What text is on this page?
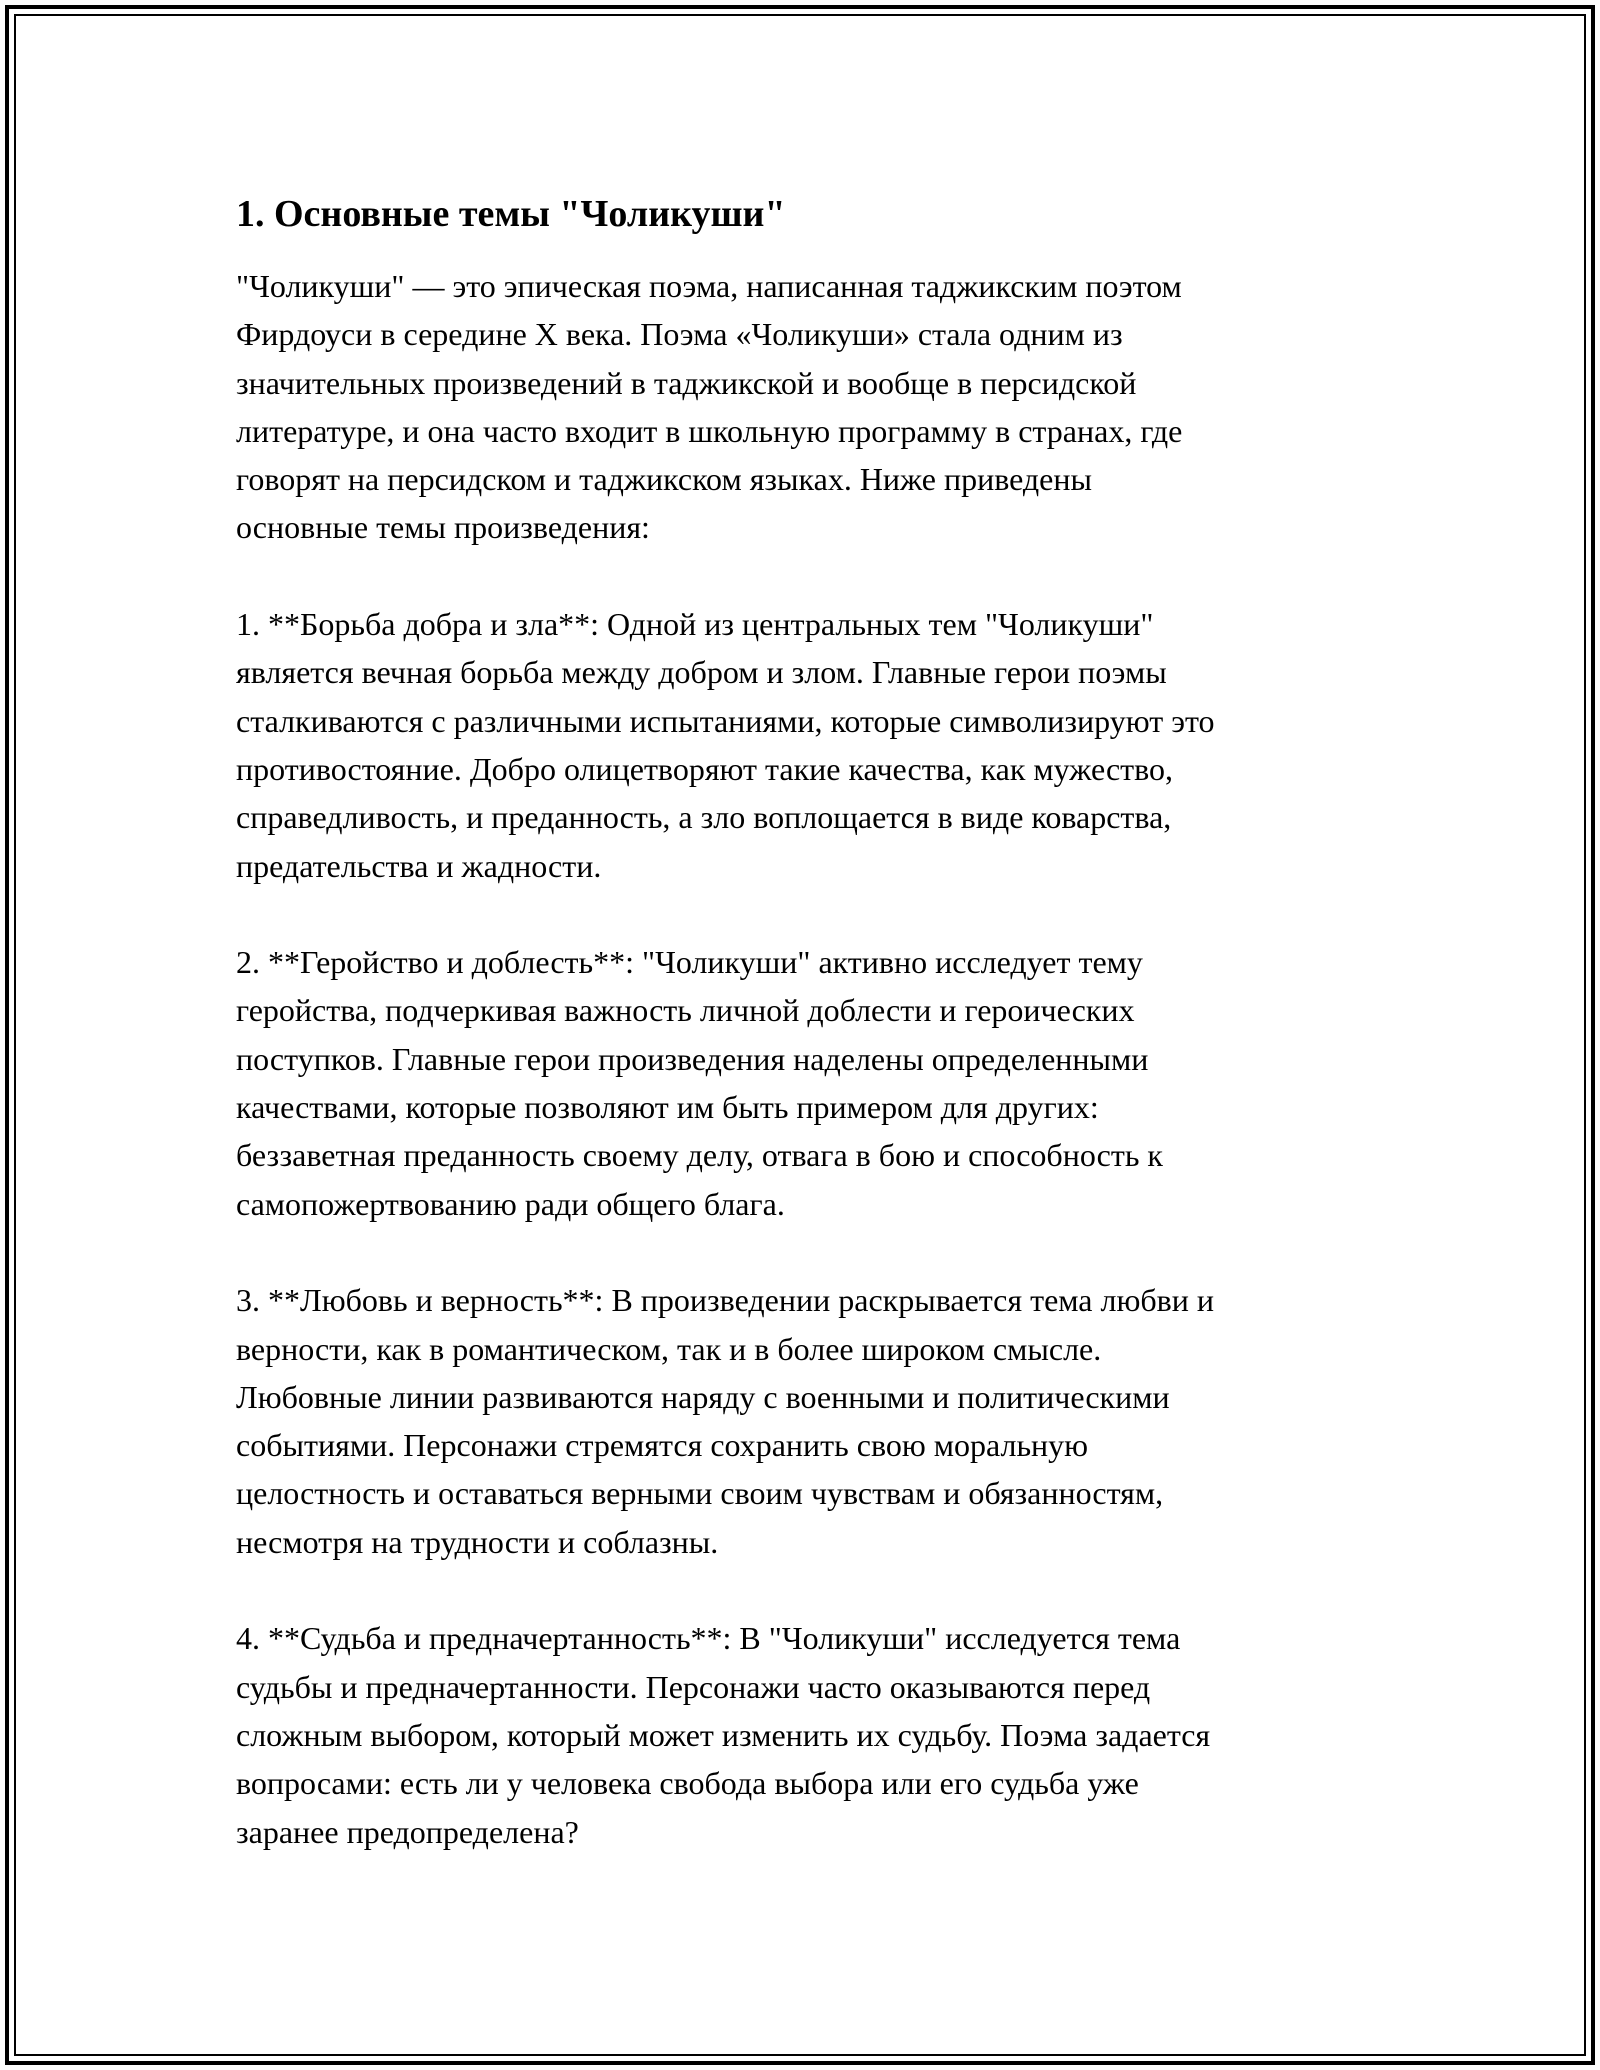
1. Основные темы "Чоликуши"
"Чоликуши" — это эпическая поэма, написанная таджикским поэтом
Фирдоуси в середине X века. Поэма «Чоликуши» стала одним из
значительных произведений в таджикской и вообще в персидской
литературе, и она часто входит в школьную программу в странах, где
говорят на персидском и таджикском языках. Ниже приведены
основные темы произведения:
1. **Борьба добра и зла**: Одной из центральных тем "Чоликуши"
является вечная борьба между добром и злом. Главные герои поэмы
сталкиваются с различными испытаниями, которые символизируют это
противостояние. Добро олицетворяют такие качества, как мужество,
справедливость, и преданность, а зло воплощается в виде коварства,
предательства и жадности.
2. **Геройство и доблесть**: "Чоликуши" активно исследует тему
геройства, подчеркивая важность личной доблести и героических
поступков. Главные герои произведения наделены определенными
качествами, которые позволяют им быть примером для других:
беззаветная преданность своему делу, отвага в бою и способность к
самопожертвованию ради общего блага.
3. **Любовь и верность**: В произведении раскрывается тема любви и
верности, как в романтическом, так и в более широком смысле.
Любовные линии развиваются наряду с военными и политическими
событиями. Персонажи стремятся сохранить свою моральную
целостность и оставаться верными своим чувствам и обязанностям,
несмотря на трудности и соблазны.
4. **Судьба и предначертанность**: В "Чоликуши" исследуется тема
судьбы и предначертанности. Персонажи часто оказываются перед
сложным выбором, который может изменить их судьбу. Поэма задается
вопросами: есть ли у человека свобода выбора или его судьба уже
заранее предопределена?
